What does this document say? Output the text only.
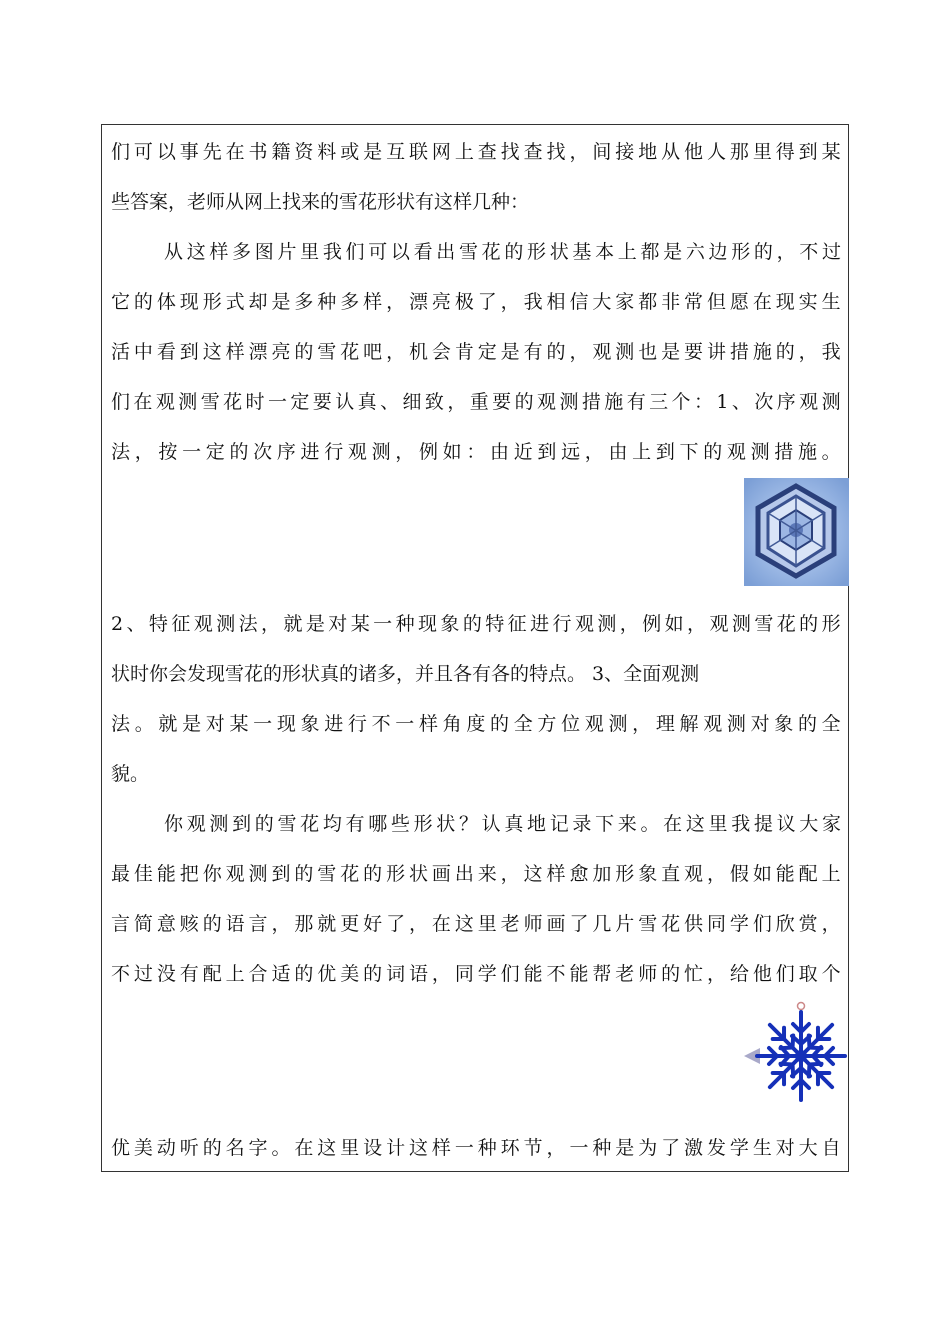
们 可 以 事 先 在 书 籍 资 料 或 是 互 联 网 上 查 找 查 找 ， 间 接 地 从 他 人 那 里 得 到 某
些答案，老师从网上找来的雪花形状有这样几种：
从 这 样 多 图 片 里 我 们 可 以 看 出 雪 花 的 形 状 基 本 上 都 是 六 边 形 的 ， 不 过
它 的 体 现 形 式 却 是 多 种 多 样 ， 漂 亮 极 了 ， 我 相 信 大 家 都 非 常 但 愿 在 现 实 生
活 中 看 到 这 样 漂 亮 的 雪 花 吧 ， 机 会 肯 定 是 有 的 ， 观 测 也 是 要 讲 措 施 的 ， 我
们 在 观 测 雪 花 时 一 定 要 认 真 、 细 致 ， 重 要 的 观 测 措 施 有 三 个 ： 1 、 次 序 观 测
法 ， 按 一 定 的 次 序 进 行 观 测 ， 例 如 ： 由 近 到 远 ， 由 上 到 下 的 观 测 措 施 。
2 、 特 征 观 测 法 ， 就 是 对 某 一 种 现 象 的 特 征 进 行 观 测 ， 例 如 ， 观 测 雪 花 的 形
状时你会发现雪花的形状真的诸多，并且各有各的特点。 3、全面观测
法 。 就 是 对 某 一 现 象 进 行 不 一 样 角 度 的 全 方 位 观 测 ， 理 解 观 测 对 象 的 全
貌。
你 观 测 到 的 雪 花 均 有 哪 些 形 状 ？ 认 真 地 记 录 下 来 。 在 这 里 我 提 议 大 家
最 佳 能 把 你 观 测 到 的 雪 花 的 形 状 画 出 来 ， 这 样 愈 加 形 象 直 观 ， 假 如 能 配 上
言 简 意 赅 的 语 言 ， 那 就 更 好 了 ， 在 这 里 老 师 画 了 几 片 雪 花 供 同 学 们 欣 赏 ，
不 过 没 有 配 上 合 适 的 优 美 的 词 语 ， 同 学 们 能 不 能 帮 老 师 的 忙 ， 给 他 们 取 个
优 美 动 听 的 名 字 。 在 这 里 设 计 这 样 一 种 环 节 ， 一 种 是 为 了 激 发 学 生 对 大 自
